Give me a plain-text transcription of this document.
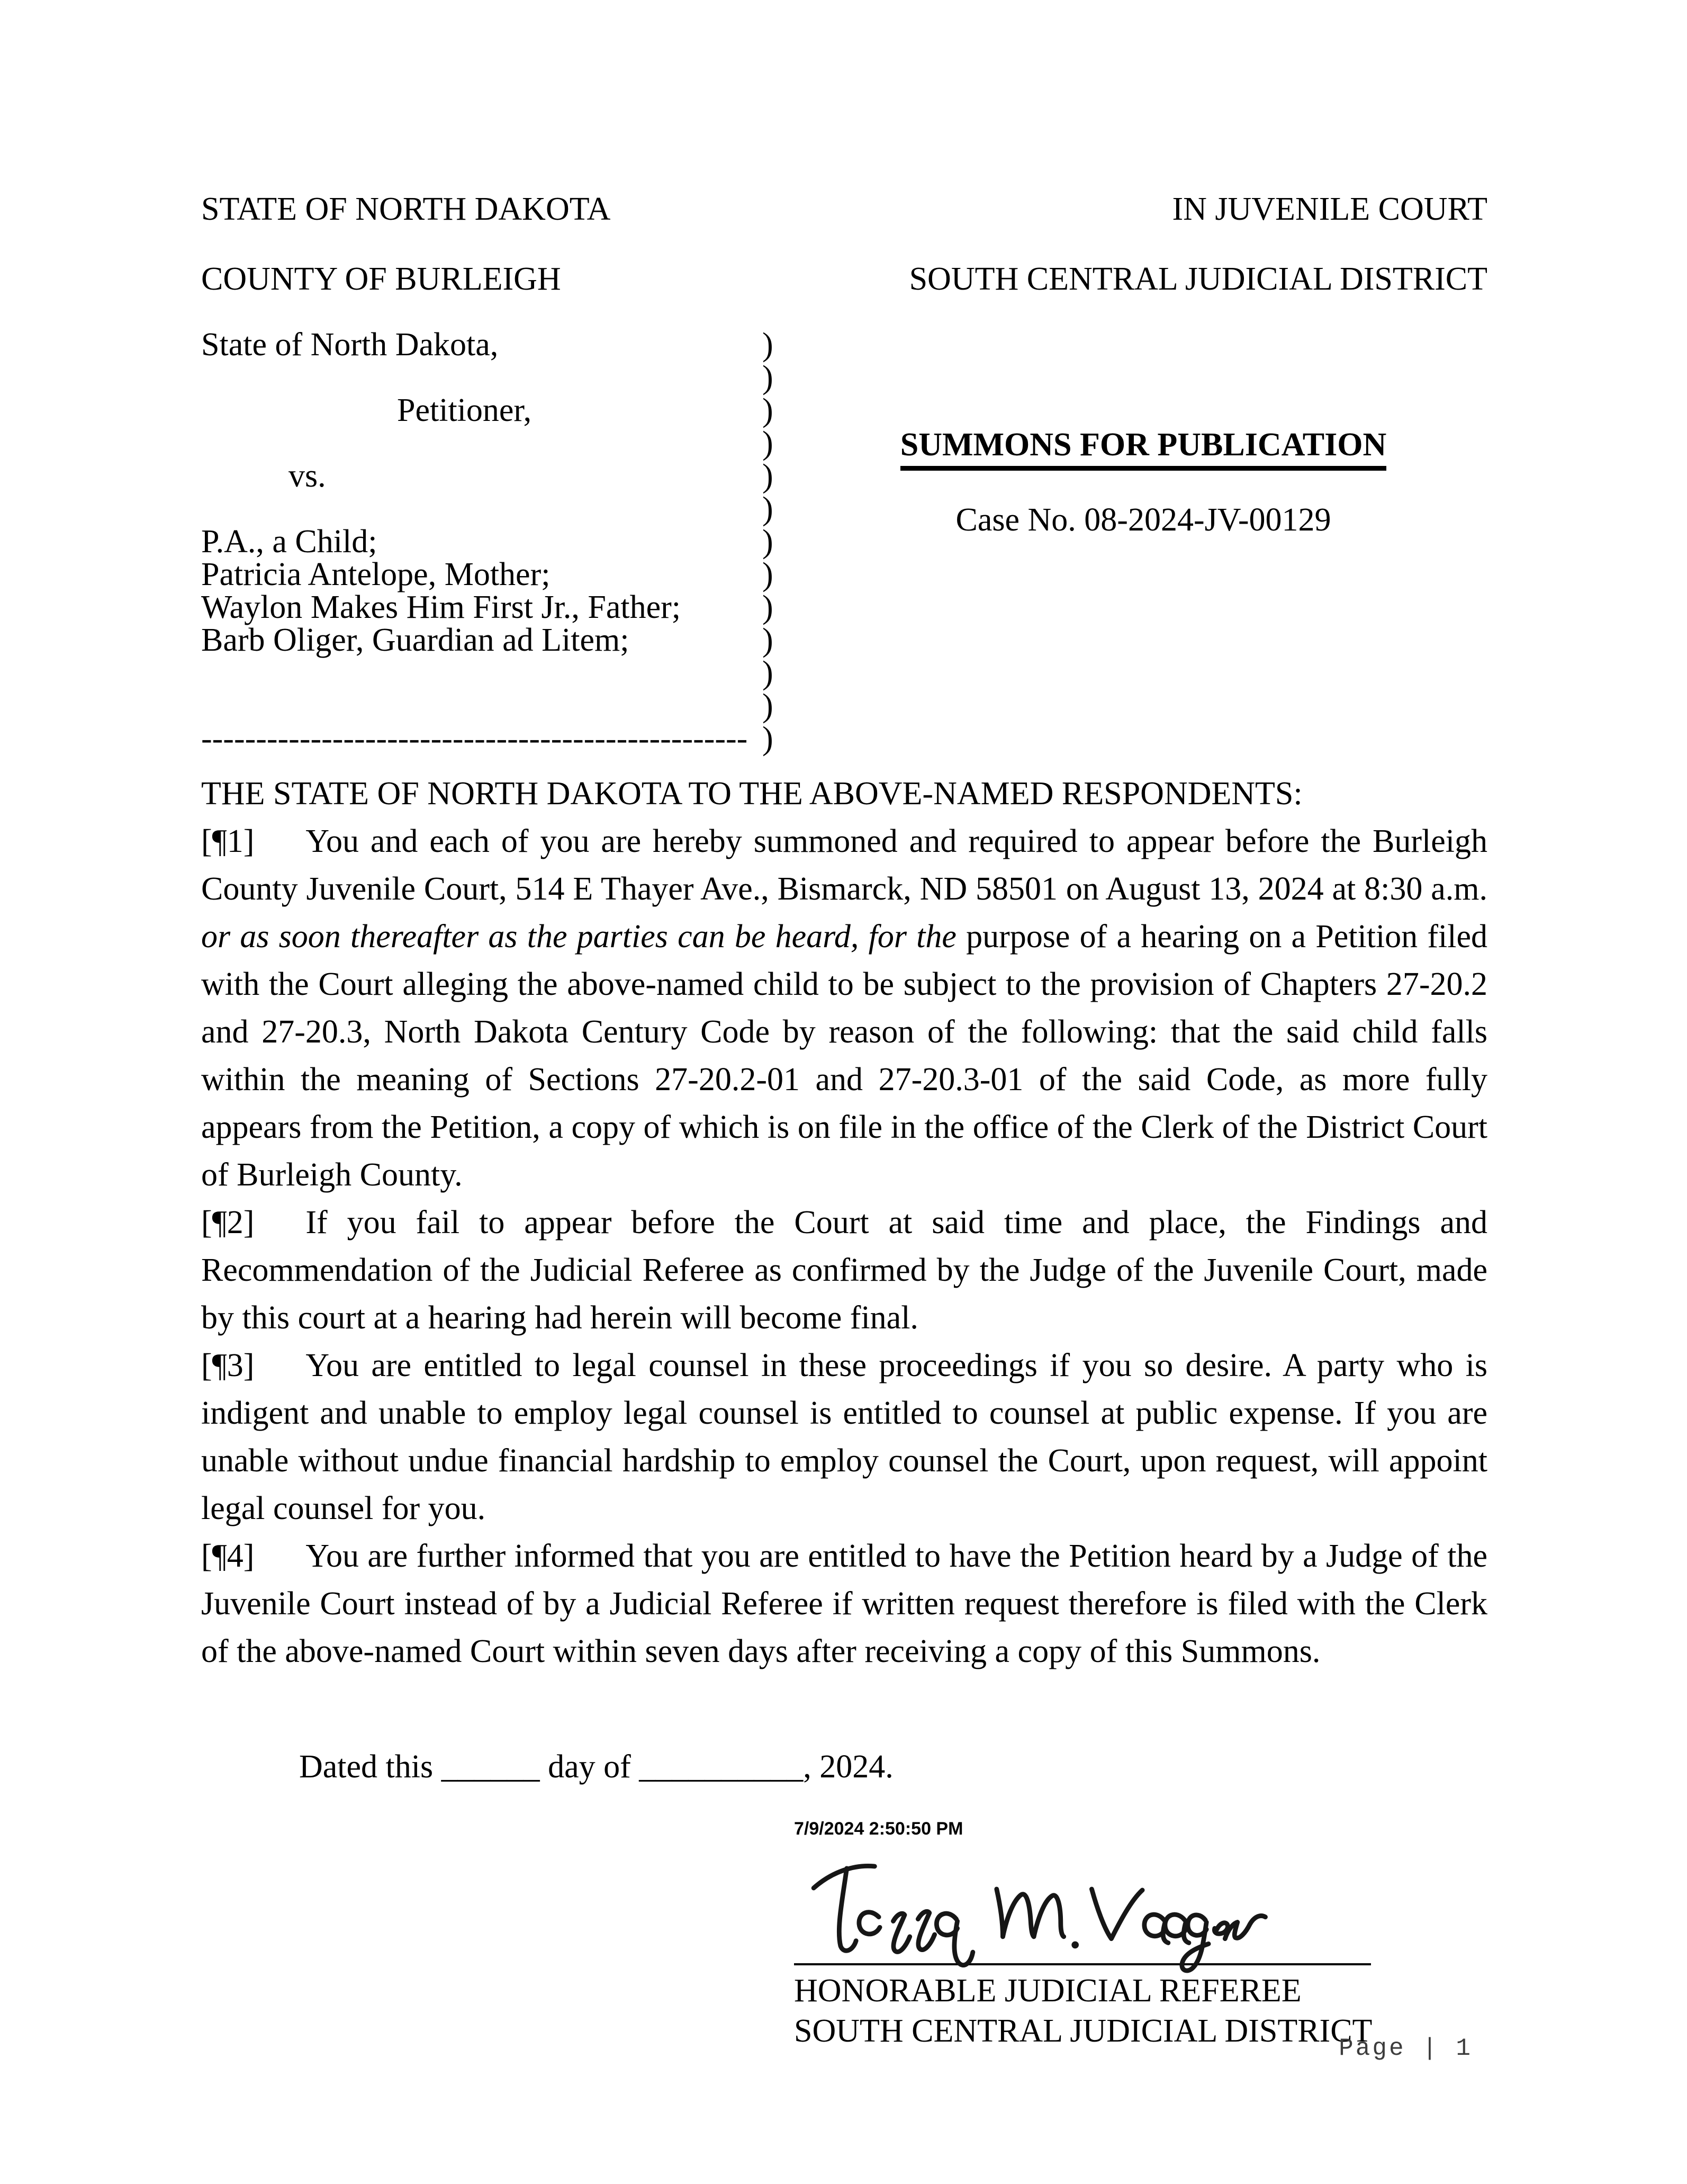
STATE OF NORTH DAKOTA	IN JUVENILE COURT
COUNTY OF BURLEIGH	SOUTH CENTRAL JUDICIAL DISTRICT
State of North Dakota,

Petitioner,

vs.

P.A., a Child;
Patricia Antelope, Mother;
Waylon Makes Him First Jr., Father;
Barb Oliger, Guardian ad Litem;

--------------------------------------------------
)
)
)
)
)
)
)
)
)
)
)
)
)
SUMMONS FOR PUBLICATION
Case No. 08-2024-JV-00129

THE STATE OF NORTH DAKOTA TO THE ABOVE-NAMED RESPONDENTS:

[¶1] You and each of you are hereby summoned and required to appear before the Burleigh County Juvenile Court, 514 E Thayer Ave., Bismarck, ND 58501 on August 13, 2024 at 8:30 a.m. or as soon thereafter as the parties can be heard, for the purpose of a hearing on a Petition filed with the Court alleging the above-named child to be subject to the provision of Chapters 27-20.2 and 27-20.3, North Dakota Century Code by reason of the following: that the said child falls within the meaning of Sections 27-20.2-01 and 27-20.3-01 of the said Code, as more fully appears from the Petition, a copy of which is on file in the office of the Clerk of the District Court of Burleigh County.

[¶2] If you fail to appear before the Court at said time and place, the Findings and Recommendation of the Judicial Referee as confirmed by the Judge of the Juvenile Court, made by this court at a hearing had herein will become final.

[¶3] You are entitled to legal counsel in these proceedings if you so desire. A party who is indigent and unable to employ legal counsel is entitled to counsel at public expense. If you are unable without undue financial hardship to employ counsel the Court, upon request, will appoint legal counsel for you.

[¶4] You are further informed that you are entitled to have the Petition heard by a Judge of the Juvenile Court instead of by a Judicial Referee if written request therefore is filed with the Clerk of the above-named Court within seven days after receiving a copy of this Summons.

Dated this ______ day of __________, 2024.
7/9/2024 2:50:50 PM
HONORABLE JUDICIAL REFEREE
SOUTH CENTRAL JUDICIAL DISTRICT
Page | 1
